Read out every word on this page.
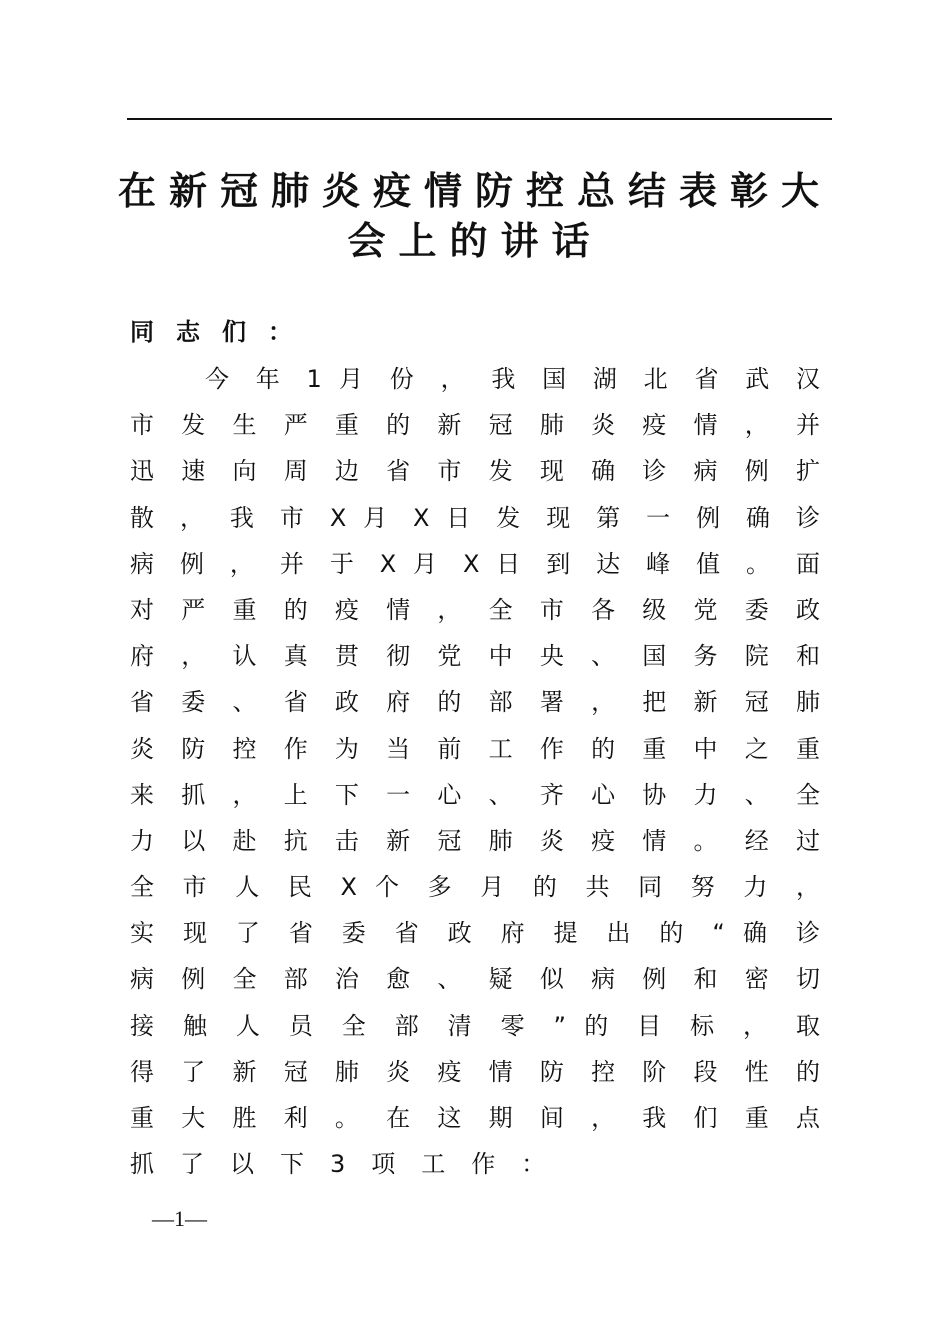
在新冠肺炎疫情防控总结表彰大
会上的讲话

同志们：

今 年 1 月 份 ， 我 国 湖 北 省 武 汉
市 发 生 严 重 的 新 冠 肺 炎 疫 情 ， 并
迅 速 向 周 边 省 市 发 现 确 诊 病 例 扩
散 ， 我 市 X 月 X 日 发 现 第 一 例 确 诊
病 例 ， 并 于 X 月 X 日 到 达 峰 值 。 面
对 严 重 的 疫 情 ， 全 市 各 级 党 委 政
府 ， 认 真 贯 彻 党 中 央 、 国 务 院 和
省 委 、 省 政 府 的 部 署 ， 把 新 冠 肺
炎 防 控 作 为 当 前 工 作 的 重 中 之 重
来 抓 ， 上 下 一 心 、 齐 心 协 力 、 全
力 以 赴 抗 击 新 冠 肺 炎 疫 情 。 经 过
全 市 人 民 X 个 多 月 的 共 同 努 力 ，
实 现 了 省 委 省 政 府 提 出 的 “ 确 诊
病 例 全 部 治 愈 、 疑 似 病 例 和 密 切
接 触 人 员 全 部 清 零 ” 的 目 标 ， 取
得 了 新 冠 肺 炎 疫 情 防 控 阶 段 性 的
重 大 胜 利 。 在 这 期 间 ， 我 们 重 点
抓了以下3项工作：

—1—
